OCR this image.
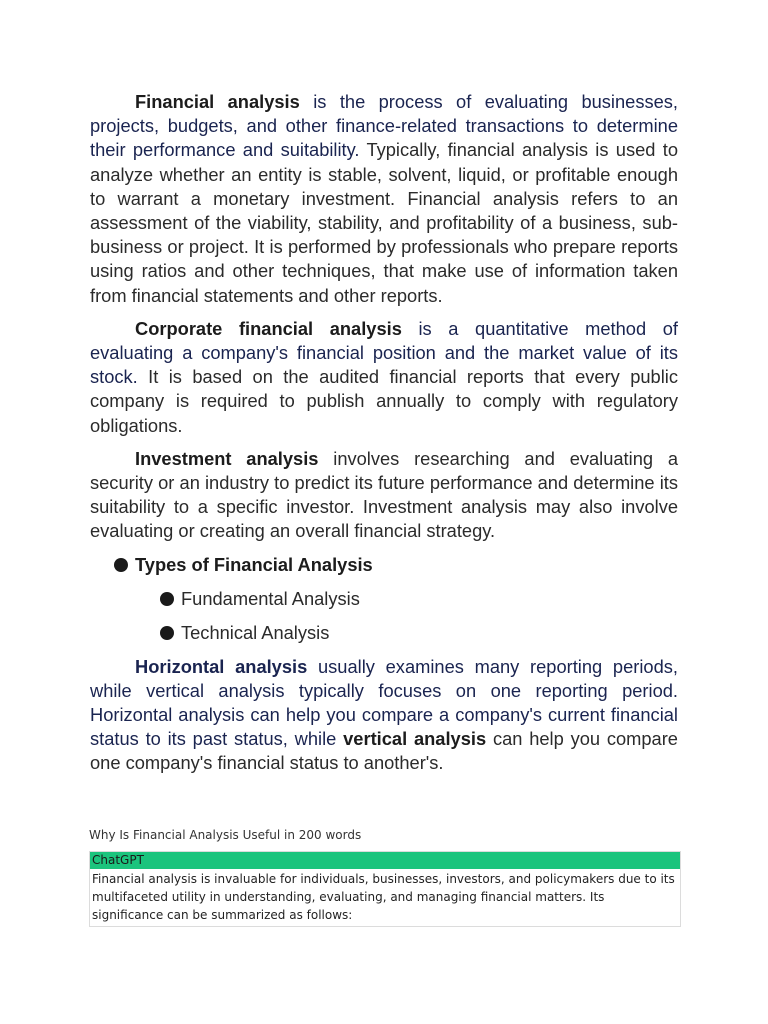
Financial analysis is the process of evaluating businesses, projects, budgets, and other finance-related transactions to determine their performance and suitability. Typically, financial analysis is used to analyze whether an entity is stable, solvent, liquid, or profitable enough to warrant a monetary investment. Financial analysis refers to an assessment of the viability, stability, and profitability of a business, sub-business or project. It is performed by professionals who prepare reports using ratios and other techniques, that make use of information taken from financial statements and other reports.

Corporate financial analysis is a quantitative method of evaluating a company's financial position and the market value of its stock. It is based on the audited financial reports that every public company is required to publish annually to comply with regulatory obligations.

Investment analysis involves researching and evaluating a security or an industry to predict its future performance and determine its suitability to a specific investor. Investment analysis may also involve evaluating or creating an overall financial strategy.

Types of Financial Analysis
Fundamental Analysis
Technical Analysis

Horizontal analysis usually examines many reporting periods, while vertical analysis typically focuses on one reporting period. Horizontal analysis can help you compare a company's current financial status to its past status, while vertical analysis can help you compare one company's financial status to another's.

Why Is Financial Analysis Useful in 200 words
ChatGPT
Financial analysis is invaluable for individuals, businesses, investors, and policymakers due to its multifaceted utility in understanding, evaluating, and managing financial matters. Its significance can be summarized as follows:
